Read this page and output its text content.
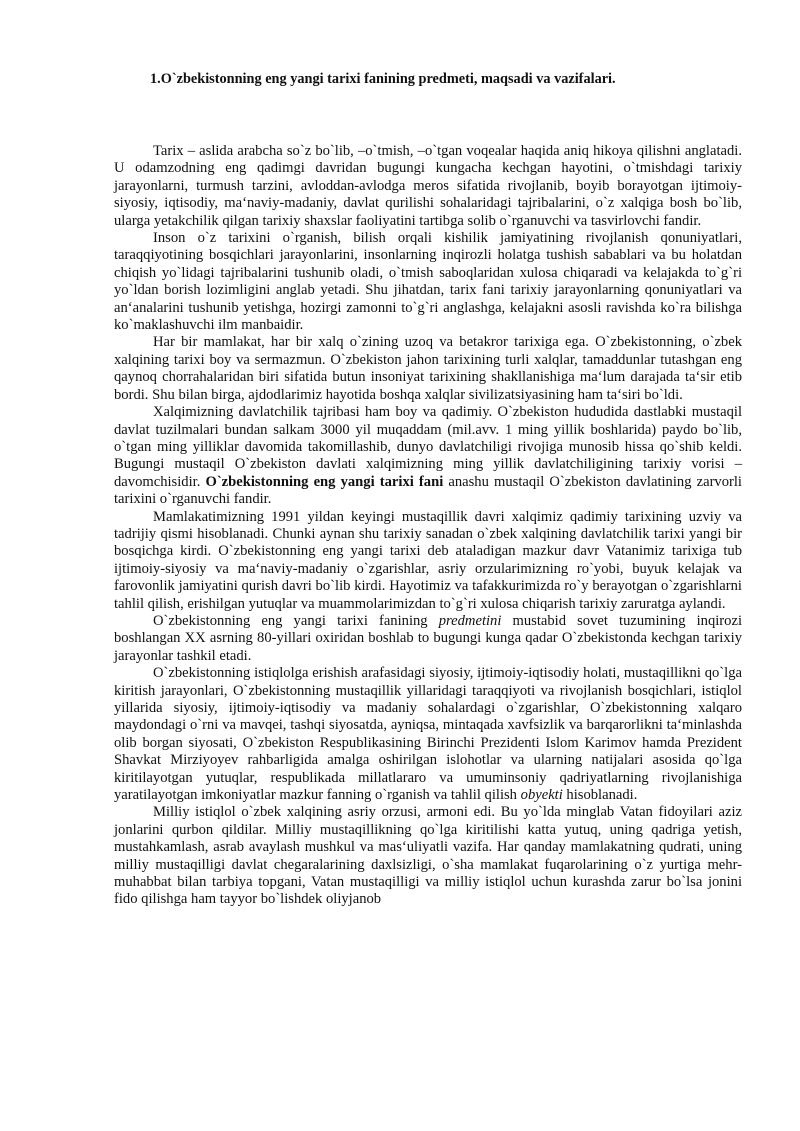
1.O`zbekistonning eng yangi tarixi fanining predmeti, maqsadi va vazifalari.

Tarix – aslida arabcha so`z bo`lib, –o`tmish, –o`tgan voqealar haqida aniq hikoya qilishni anglatadi. U odamzodning eng qadimgi davridan bugungi kungacha kechgan hayotini, o`tmishdagi tarixiy jarayonlarni, turmush tarzini, avloddan-avlodga meros sifatida rivojlanib, boyib borayotgan ijtimoiy-siyosiy, iqtisodiy, ma‘naviy-madaniy, davlat qurilishi sohalaridagi tajribalarini, o`z xalqiga bosh bo`lib, ularga yetakchilik qilgan tarixiy shaxslar faoliyatini tartibga solib o`rganuvchi va tasvirlovchi fandir.

Inson o`z tarixini o`rganish, bilish orqali kishilik jamiyatining rivojlanish qonuniyatlari, taraqqiyotining bosqichlari jarayonlarini, insonlarning inqirozli holatga tushish sabablari va bu holatdan chiqish yo`lidagi tajribalarini tushunib oladi, o`tmish saboqlaridan xulosa chiqaradi va kelajakda to`g`ri yo`ldan borish lozimligini anglab yetadi. Shu jihatdan, tarix fani tarixiy jarayonlarning qonuniyatlari va an‘analarini tushunib yetishga, hozirgi zamonni to`g`ri anglashga, kelajakni asosli ravishda ko`ra bilishga ko`maklashuvchi ilm manbaidir.

Har bir mamlakat, har bir xalq o`zining uzoq va betakror tarixiga ega. O`zbekistonning, o`zbek xalqining tarixi boy va sermazmun. O`zbekiston jahon tarixining turli xalqlar, tamaddunlar tutashgan eng qaynoq chorrahalaridan biri sifatida butun insoniyat tarixining shakllanishiga ma‘lum darajada ta‘sir etib bordi. Shu bilan birga, ajdodlarimiz hayotida boshqa xalqlar sivilizatsiyasining ham ta‘siri bo`ldi.

Xalqimizning davlatchilik tajribasi ham boy va qadimiy. O`zbekiston hududida dastlabki mustaqil davlat tuzilmalari bundan salkam 3000 yil muqaddam (mil.avv. 1 ming yillik boshlarida) paydo bo`lib, o`tgan ming yilliklar davomida takomillashib, dunyo davlatchiligi rivojiga munosib hissa qo`shib keldi. Bugungi mustaqil O`zbekiston davlati xalqimizning ming yillik davlatchiligining tarixiy vorisi – davomchisidir. O`zbekistonning eng yangi tarixi fani anashu mustaqil O`zbekiston davlatining zarvorli tarixini o`rganuvchi fandir.

Mamlakatimizning 1991 yildan keyingi mustaqillik davri xalqimiz qadimiy tarixining uzviy va tadrijiy qismi hisoblanadi. Chunki aynan shu tarixiy sanadan o`zbek xalqining davlatchilik tarixi yangi bir bosqichga kirdi. O`zbekistonning eng yangi tarixi deb ataladigan mazkur davr Vatanimiz tarixiga tub ijtimoiy-siyosiy va ma‘naviy-madaniy o`zgarishlar, asriy orzularimizning ro`yobi, buyuk kelajak va farovonlik jamiyatini qurish davri bo`lib kirdi. Hayotimiz va tafakkurimizda ro`y berayotgan o`zgarishlarni tahlil qilish, erishilgan yutuqlar va muammolarimizdan to`g`ri xulosa chiqarish tarixiy zaruratga aylandi.

O`zbekistonning eng yangi tarixi fanining predmetini mustabid sovet tuzumining inqirozi boshlangan XX asrning 80-yillari oxiridan boshlab to bugungi kunga qadar O`zbekistonda kechgan tarixiy jarayonlar tashkil etadi.

O`zbekistonning istiqlolga erishish arafasidagi siyosiy, ijtimoiy-iqtisodiy holati, mustaqillikni qo`lga kiritish jarayonlari, O`zbekistonning mustaqillik yillaridagi taraqqiyoti va rivojlanish bosqichlari, istiqlol yillarida siyosiy, ijtimoiy-iqtisodiy va madaniy sohalardagi o`zgarishlar, O`zbekistonning xalqaro maydondagi o`rni va mavqei, tashqi siyosatda, ayniqsa, mintaqada xavfsizlik va barqarorlikni ta‘minlashda olib borgan siyosati, O`zbekiston Respublikasining Birinchi Prezidenti Islom Karimov hamda Prezident Shavkat Mirziyoyev rahbarligida amalga oshirilgan islohotlar va ularning natijalari asosida qo`lga kiritilayotgan yutuqlar, respublikada millatlararo va umuminsoniy qadriyatlarning rivojlanishiga yaratilayotgan imkoniyatlar mazkur fanning o`rganish va tahlil qilish obyekti hisoblanadi.

Milliy istiqlol o`zbek xalqining asriy orzusi, armoni edi. Bu yo`lda minglab Vatan fidoyilari aziz jonlarini qurbon qildilar. Milliy mustaqillikning qo`lga kiritilishi katta yutuq, uning qadriga yetish, mustahkamlash, asrab avaylash mushkul va mas‘uliyatli vazifa. Har qanday mamlakatning qudrati, uning milliy mustaqilligi davlat chegaralarining daxlsizligi, o`sha mamlakat fuqarolarining o`z yurtiga mehr-muhabbat bilan tarbiya topgani, Vatan mustaqilligi va milliy istiqlol uchun kurashda zarur bo`lsa jonini fido qilishga ham tayyor bo`lishdek oliyjanob
